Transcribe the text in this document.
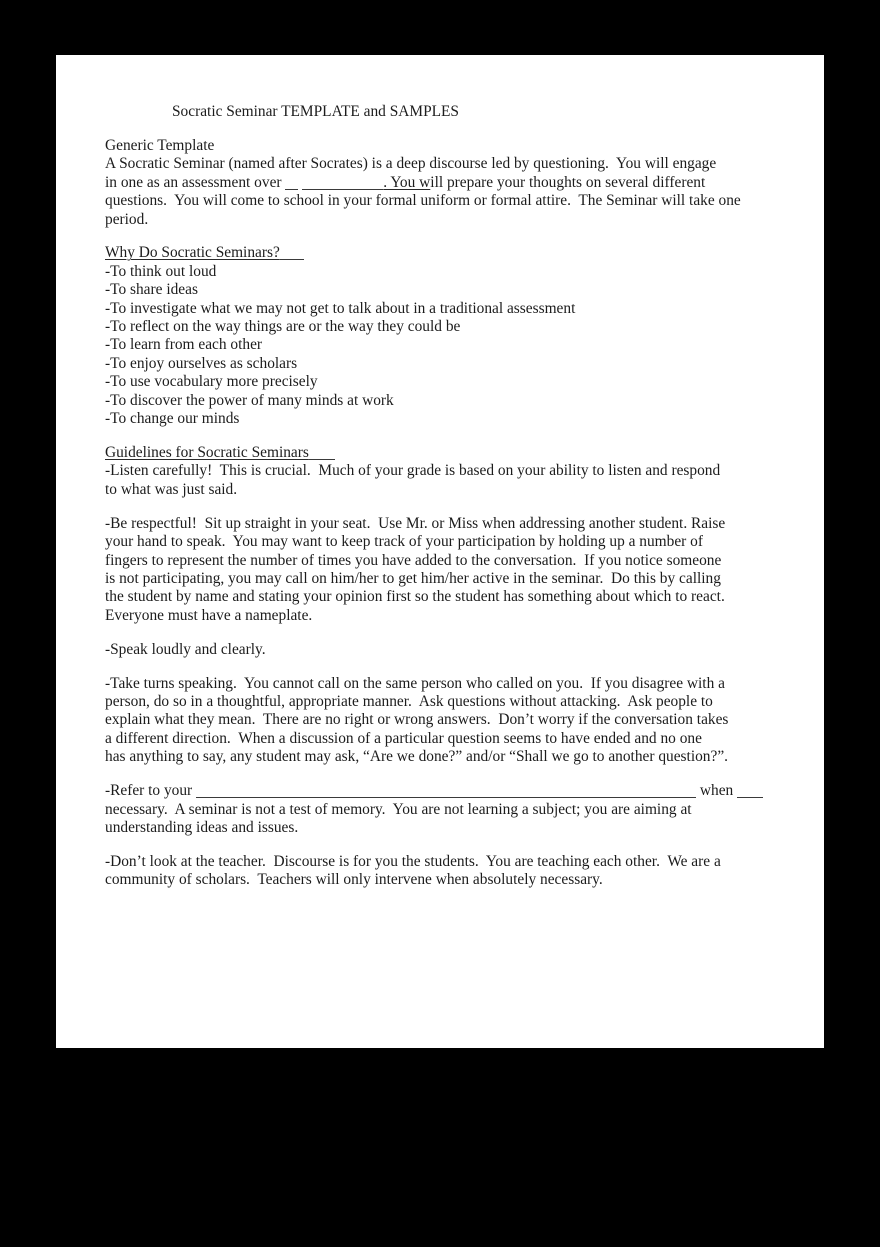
Socratic Seminar TEMPLATE and SAMPLES
Generic Template
A Socratic Seminar (named after Socrates) is a deep discourse led by questioning.  You will engage
in one as an assessment over	. You will prepare your thoughts on several different
questions.  You will come to school in your formal uniform or formal attire.  The Seminar will take one
period.
Why Do Socratic Seminars?
-To think out loud
-To share ideas
-To investigate what we may not get to talk about in a traditional assessment
-To reflect on the way things are or the way they could be
-To learn from each other
-To enjoy ourselves as scholars
-To use vocabulary more precisely
-To discover the power of many minds at work
-To change our minds
Guidelines for Socratic Seminars
-Listen carefully!  This is crucial.  Much of your grade is based on your ability to listen and respond
to what was just said.
-Be respectful!  Sit up straight in your seat.  Use Mr. or Miss when addressing another student. Raise
your hand to speak.  You may want to keep track of your participation by holding up a number of
fingers to represent the number of times you have added to the conversation.  If you notice someone
is not participating, you may call on him/her to get him/her active in the seminar.  Do this by calling
the student by name and stating your opinion first so the student has something about which to react.
Everyone must have a nameplate.
-Speak loudly and clearly.
-Take turns speaking.  You cannot call on the same person who called on you.  If you disagree with a
person, do so in a thoughtful, appropriate manner.  Ask questions without attacking.  Ask people to
explain what they mean.  There are no right or wrong answers.  Don’t worry if the conversation takes
a different direction.  When a discussion of a particular question seems to have ended and no one
has anything to say, any student may ask, “Are we done?” and/or “Shall we go to another question?”.
-Refer to your	when
necessary.  A seminar is not a test of memory.  You are not learning a subject; you are aiming at
understanding ideas and issues.
-Don’t look at the teacher.  Discourse is for you the students.  You are teaching each other.  We are a
community of scholars.  Teachers will only intervene when absolutely necessary.
